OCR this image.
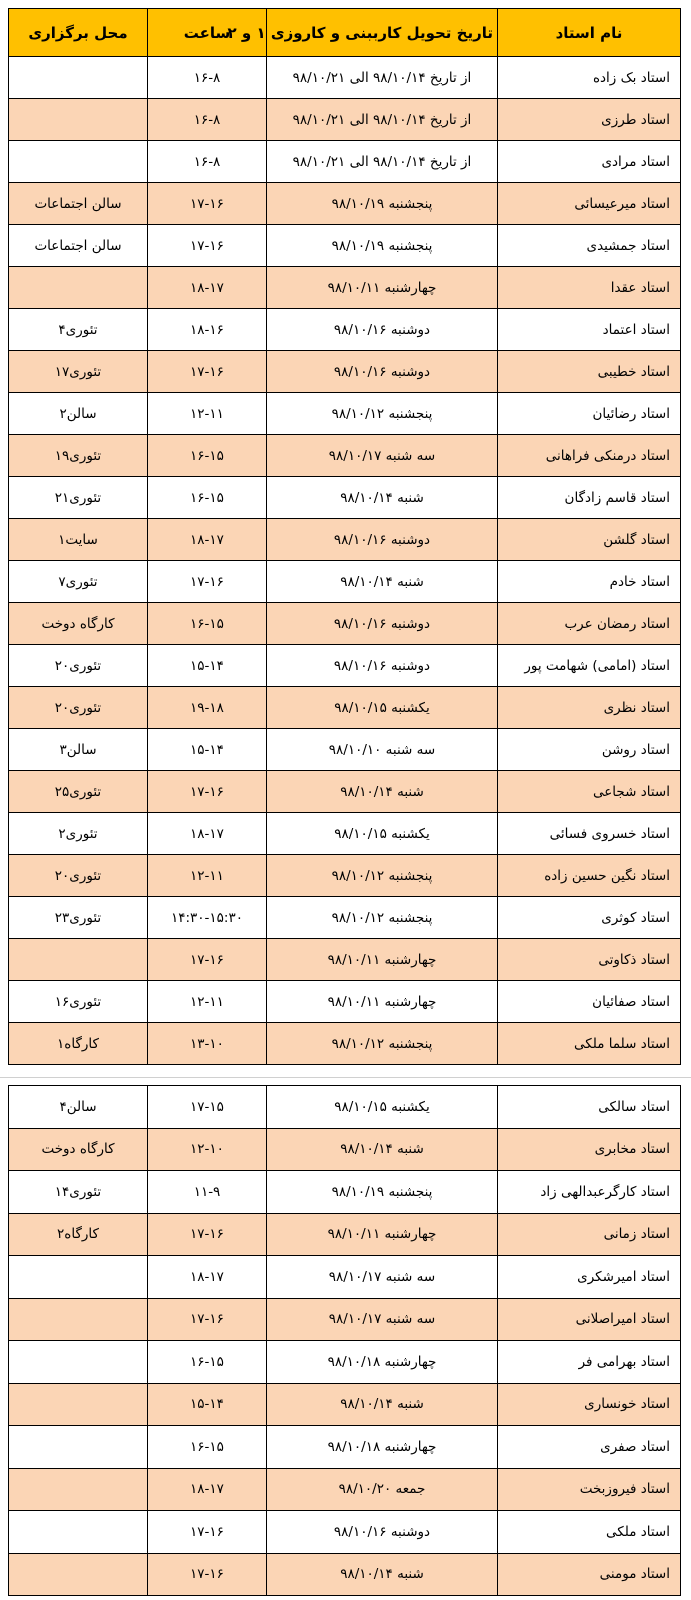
نام استاد	تاریخ تحویل کارببنی و کاروزی ۱ و ۲	ساعت	محل برگزاری
استاد بک زاده	از تاریخ ۹۸/۱۰/۱۴ الی ۹۸/۱۰/۲۱	۱۶-۸	
استاد طرزی	از تاریخ ۹۸/۱۰/۱۴ الی ۹۸/۱۰/۲۱	۱۶-۸	
استاد مرادی	از تاریخ ۹۸/۱۰/۱۴ الی ۹۸/۱۰/۲۱	۱۶-۸	
استاد میرعیسائی	پنجشنبه ۹۸/۱۰/۱۹	۱۷-۱۶	سالن اجتماعات
استاد جمشیدی	پنجشنبه ۹۸/۱۰/۱۹	۱۷-۱۶	سالن اجتماعات
استاد عقدا	چهارشنبه ۹۸/۱۰/۱۱	۱۸-۱۷	
استاد اعتماد	دوشنبه ۹۸/۱۰/۱۶	۱۸-۱۶	تئوری۴
استاد خطیبی	دوشنبه ۹۸/۱۰/۱۶	۱۷-۱۶	تئوری۱۷
استاد رضائیان	پنجشنبه ۹۸/۱۰/۱۲	۱۲-۱۱	سالن۲
استاد درمنکی فراهانی	سه شنبه ۹۸/۱۰/۱۷	۱۶-۱۵	تئوری۱۹
استاد قاسم زادگان	شنبه ۹۸/۱۰/۱۴	۱۶-۱۵	تئوری۲۱
استاد گلشن	دوشنبه ۹۸/۱۰/۱۶	۱۸-۱۷	سایت۱
استاد خادم	شنبه ۹۸/۱۰/۱۴	۱۷-۱۶	تئوری۷
استاد رمضان عرب	دوشنبه ۹۸/۱۰/۱۶	۱۶-۱۵	کارگاه دوخت
استاد (امامی) شهامت پور	دوشنبه ۹۸/۱۰/۱۶	۱۵-۱۴	تئوری۲۰
استاد نظری	یکشنبه ۹۸/۱۰/۱۵	۱۹-۱۸	تئوری۲۰
استاد روشن	سه شنبه ۹۸/۱۰/۱۰	۱۵-۱۴	سالن۳
استاد شجاعی	شنبه ۹۸/۱۰/۱۴	۱۷-۱۶	تئوری۲۵
استاد خسروی فسائی	یکشنبه ۹۸/۱۰/۱۵	۱۸-۱۷	تئوری۲
استاد نگین حسین زاده	پنجشنبه ۹۸/۱۰/۱۲	۱۲-۱۱	تئوری۲۰
استاد کوثری	پنجشنبه ۹۸/۱۰/۱۲	۱۴:۳۰-۱۵:۳۰	تئوری۲۳
استاد ذکاوتی	چهارشنبه ۹۸/۱۰/۱۱	۱۷-۱۶	
استاد صفائیان	چهارشنبه ۹۸/۱۰/۱۱	۱۲-۱۱	تئوری۱۶
استاد سلما ملکی	پنجشنبه ۹۸/۱۰/۱۲	۱۳-۱۰	کارگاه۱
استاد سالکی	یکشنبه ۹۸/۱۰/۱۵	۱۷-۱۵	سالن۴
استاد مخابری	شنبه ۹۸/۱۰/۱۴	۱۲-۱۰	کارگاه دوخت
استاد کارگرعبدالهی زاد	پنجشنبه ۹۸/۱۰/۱۹	۱۱-۹	تئوری۱۴
استاد زمانی	چهارشنبه ۹۸/۱۰/۱۱	۱۷-۱۶	کارگاه۲
استاد امیرشکری	سه شنبه ۹۸/۱۰/۱۷	۱۸-۱۷	
استاد امیراصلانی	سه شنبه ۹۸/۱۰/۱۷	۱۷-۱۶	
استاد بهرامی فر	چهارشنبه ۹۸/۱۰/۱۸	۱۶-۱۵	
استاد خونساری	شنبه ۹۸/۱۰/۱۴	۱۵-۱۴	
استاد صفری	چهارشنبه ۹۸/۱۰/۱۸	۱۶-۱۵	
استاد فیروزبخت	جمعه ۹۸/۱۰/۲۰	۱۸-۱۷	
استاد ملکی	دوشنبه ۹۸/۱۰/۱۶	۱۷-۱۶	
استاد مومنی	شنبه ۹۸/۱۰/۱۴	۱۷-۱۶	
